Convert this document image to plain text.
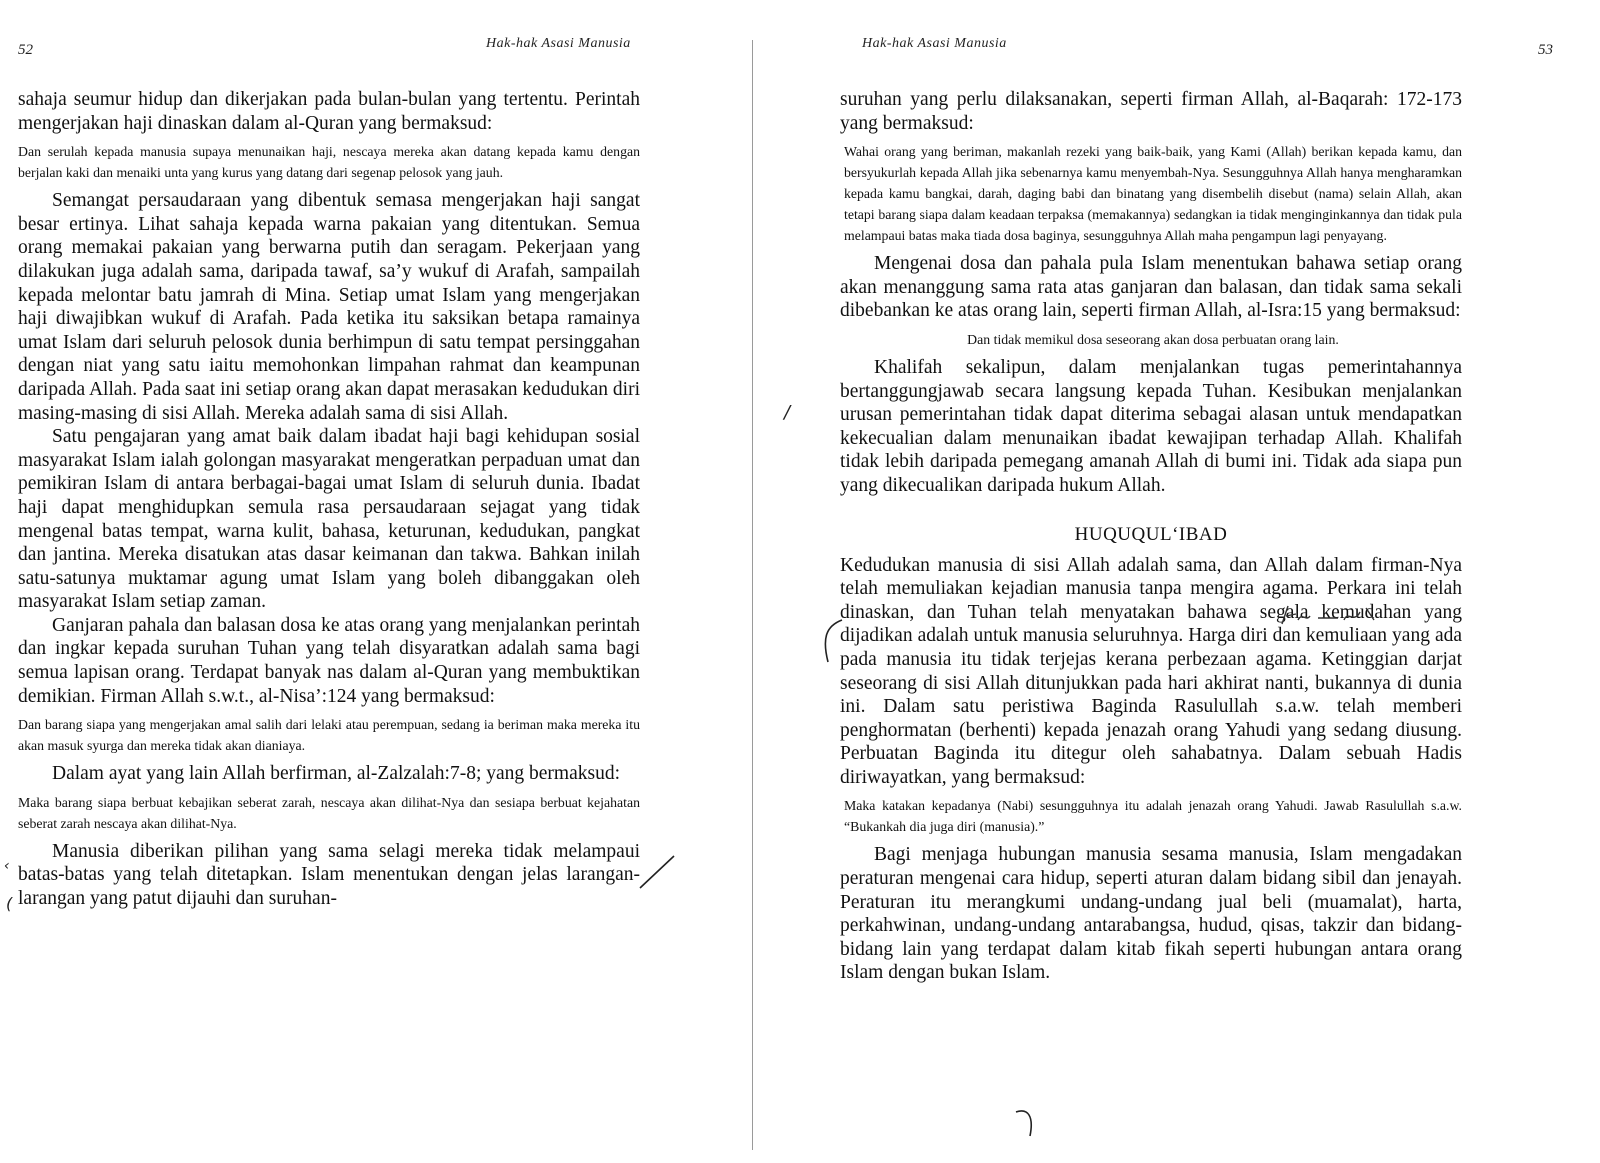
52	Hak-hak Asasi Manusia

sahaja seumur hidup dan dikerjakan pada bulan-bulan yang tertentu. Perintah mengerjakan haji dinaskan dalam al-Quran yang bermaksud:

Dan serulah kepada manusia supaya menunaikan haji, nescaya mereka akan datang kepada kamu dengan berjalan kaki dan menaiki unta yang kurus yang datang dari segenap pelosok yang jauh.

Semangat persaudaraan yang dibentuk semasa mengerjakan haji sangat besar ertinya. Lihat sahaja kepada warna pakaian yang ditentukan. Semua orang memakai pakaian yang berwarna putih dan seragam. Pekerjaan yang dilakukan juga adalah sama, daripada tawaf, sa’y wukuf di Arafah, sampailah kepada melontar batu jamrah di Mina. Setiap umat Islam yang mengerjakan haji diwajibkan wukuf di Arafah. Pada ketika itu saksikan betapa ramainya umat Islam dari seluruh pelosok dunia berhimpun di satu tempat persinggahan dengan niat yang satu iaitu memohonkan limpahan rahmat dan keampunan daripada Allah. Pada saat ini setiap orang akan dapat merasakan kedudukan diri masing-masing di sisi Allah. Mereka adalah sama di sisi Allah.

Satu pengajaran yang amat baik dalam ibadat haji bagi kehidupan sosial masyarakat Islam ialah golongan masyarakat mengeratkan perpaduan umat dan pemikiran Islam di antara berbagai-bagai umat Islam di seluruh dunia. Ibadat haji dapat menghidupkan semula rasa persaudaraan sejagat yang tidak mengenal batas tempat, warna kulit, bahasa, keturunan, kedudukan, pangkat dan jantina. Mereka disatukan atas dasar keimanan dan takwa. Bahkan inilah satu-satunya muktamar agung umat Islam yang boleh dibanggakan oleh masyarakat Islam setiap zaman.

Ganjaran pahala dan balasan dosa ke atas orang yang menjalankan perintah dan ingkar kepada suruhan Tuhan yang telah disyaratkan adalah sama bagi semua lapisan orang. Terdapat banyak nas dalam al-Quran yang membuktikan demikian. Firman Allah s.w.t., al-Nisa’:124 yang bermaksud:

Dan barang siapa yang mengerjakan amal salih dari lelaki atau perempuan, sedang ia beriman maka mereka itu akan masuk syurga dan mereka tidak akan dianiaya.

Dalam ayat yang lain Allah berfirman, al-Zalzalah:7-8; yang bermaksud:

Maka barang siapa berbuat kebajikan seberat zarah, nescaya akan dilihat-Nya dan sesiapa berbuat kejahatan seberat zarah nescaya akan dilihat-Nya.

Manusia diberikan pilihan yang sama selagi mereka tidak melampaui batas-batas yang telah ditetapkan. Islam menentukan dengan jelas larangan-larangan yang patut dijauhi dan suruhan-

Hak-hak Asasi Manusia	53

suruhan yang perlu dilaksanakan, seperti firman Allah, al-Baqarah: 172-173 yang bermaksud:

Wahai orang yang beriman, makanlah rezeki yang baik-baik, yang Kami (Allah) berikan kepada kamu, dan bersyukurlah kepada Allah jika sebenarnya kamu menyembah-Nya. Sesungguhnya Allah hanya mengharamkan kepada kamu bangkai, darah, daging babi dan binatang yang disembelih disebut (nama) selain Allah, akan tetapi barang siapa dalam keadaan terpaksa (memakannya) sedangkan ia tidak menginginkannya dan tidak pula melampaui batas maka tiada dosa baginya, sesungguhnya Allah maha pengampun lagi penyayang.

Mengenai dosa dan pahala pula Islam menentukan bahawa setiap orang akan menanggung sama rata atas ganjaran dan balasan, dan tidak sama sekali dibebankan ke atas orang lain, seperti firman Allah, al-Isra:15 yang bermaksud:

Dan tidak memikul dosa seseorang akan dosa perbuatan orang lain.

Khalifah sekalipun, dalam menjalankan tugas pemerintahannya bertanggungjawab secara langsung kepada Tuhan. Kesibukan menjalankan urusan pemerintahan tidak dapat diterima sebagai alasan untuk mendapatkan kekecualian dalam menunaikan ibadat kewajipan terhadap Allah. Khalifah tidak lebih daripada pemegang amanah Allah di bumi ini. Tidak ada siapa pun yang dikecualikan daripada hukum Allah.

HUQUQUL‘IBAD

Kedudukan manusia di sisi Allah adalah sama, dan Allah dalam firman-Nya telah memuliakan kejadian manusia tanpa mengira agama. Perkara ini telah dinaskan, dan Tuhan telah menyatakan bahawa segala kemudahan yang dijadikan adalah untuk manusia seluruhnya. Harga diri dan kemuliaan yang ada pada manusia itu tidak terjejas kerana perbezaan agama. Ketinggian darjat seseorang di sisi Allah ditunjukkan pada hari akhirat nanti, bukannya di dunia ini. Dalam satu peristiwa Baginda Rasulullah s.a.w. telah memberi penghormatan (berhenti) kepada jenazah orang Yahudi yang sedang diusung. Perbuatan Baginda itu ditegur oleh sahabatnya. Dalam sebuah Hadis diriwayatkan, yang bermaksud:

Maka katakan kepadanya (Nabi) sesungguhnya itu adalah jenazah orang Yahudi. Jawab Rasulullah s.a.w. “Bukankah dia juga diri (manusia).”

Bagi menjaga hubungan manusia sesama manusia, Islam mengadakan peraturan mengenai cara hidup, seperti aturan dalam bidang sibil dan jenayah. Peraturan itu merangkumi undang-undang jual beli (muamalat), harta, perkahwinan, undang-undang antarabangsa, hudud, qisas, takzir dan bidang-bidang lain yang terdapat dalam kitab fikah seperti hubungan antara orang Islam dengan bukan Islam.

/
‹
(
